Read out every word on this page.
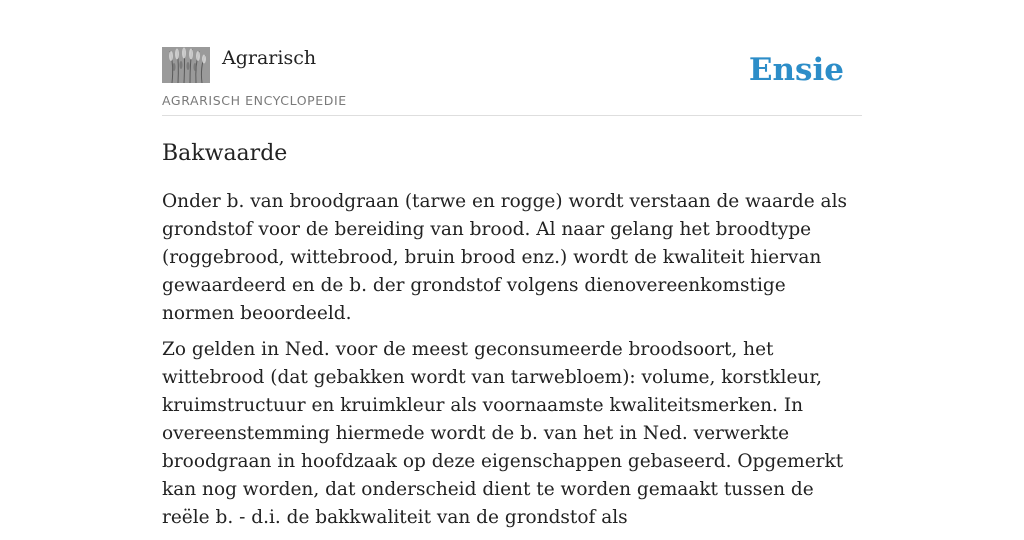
Agrarisch
AGRARISCH ENCYCLOPEDIE
Ensie
Bakwaarde

Onder b. van broodgraan (tarwe en rogge) wordt verstaan de waarde als grondstof voor de bereiding van brood. Al naar gelang het broodtype (roggebrood, wittebrood, bruin brood enz.) wordt de kwaliteit hiervan gewaardeerd en de b. der grondstof volgens dienovereenkomstige normen beoordeeld.

Zo gelden in Ned. voor de meest geconsumeerde broodsoort, het wittebrood (dat gebakken wordt van tarwebloem): volume, korstkleur, kruimstructuur en kruimkleur als voornaamste kwaliteitsmerken. In overeenstemming hiermede wordt de b. van het in Ned. verwerkte broodgraan in hoofdzaak op deze eigenschappen gebaseerd. Opgemerkt kan nog worden, dat onderscheid dient te worden gemaakt tussen de reële b. - d.i. de bakkwaliteit van de grondstof als
